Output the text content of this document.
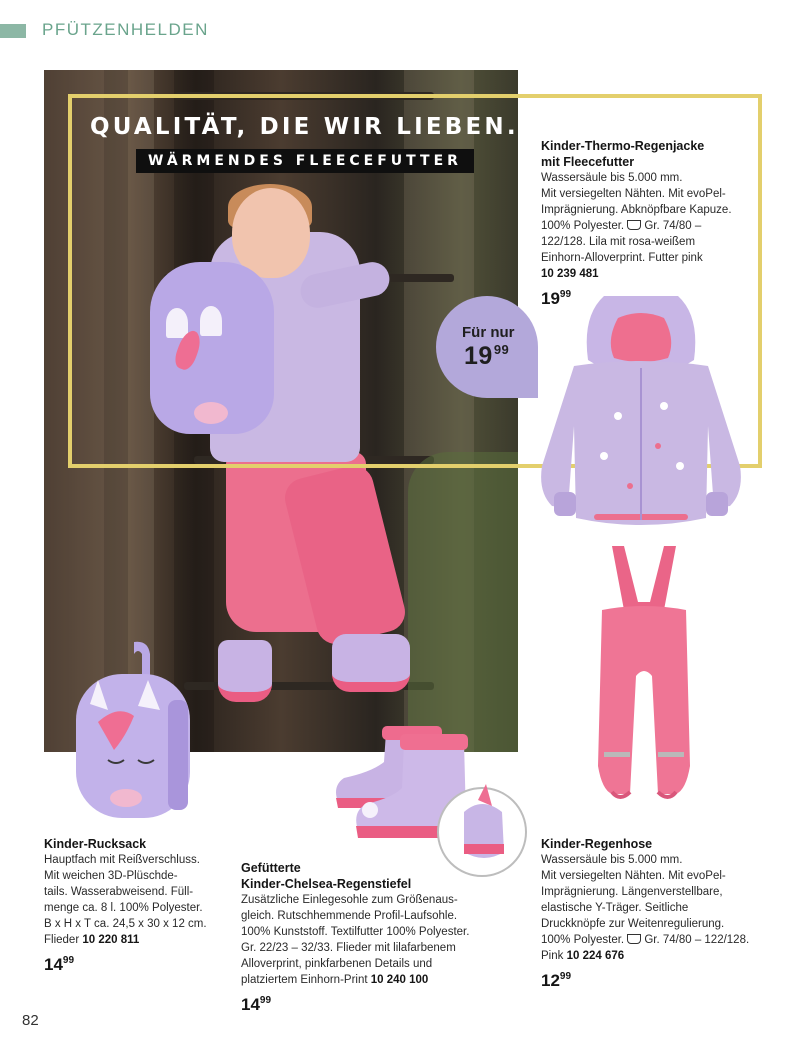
PFÜTZENHELDEN
QUALITÄT, DIE WIR LIEBEN.
WÄRMENDES FLEECEFUTTER
Für nur
$19^{99}$
Kinder-Thermo-Regenjacke
mit Fleecefutter
Wassersäule bis 5.000 mm.
Mit versiegelten Nähten. Mit evoPel-
Imprägnierung. Abknöpfbare Kapuze.
100% Polyester. Gr. 74/80 –
122/128. Lila mit rosa-weißem
Einhorn-Alloverprint. Futter pink
10 239 481
$19^{99}$
Kinder-Rucksack
Hauptfach mit Reißverschluss.
Mit weichen 3D-Plüschde-
tails. Wasserabweisend. Füll-
menge ca. 8 l. 100% Polyester.
B x H x T ca. 24,5 x 30 x 12 cm.
Flieder 10 220 811
$14^{99}$
Gefütterte
Kinder-Chelsea-Regenstiefel
Zusätzliche Einlegesohle zum Größenaus-
gleich. Rutschhemmende Profil-Laufsohle.
100% Kunststoff. Textilfutter 100% Polyester.
Gr. 22/23 – 32/33. Flieder mit lilafarbenem
Alloverprint, pinkfarbenen Details und
platziertem Einhorn-Print 10 240 100
$14^{99}$
Kinder-Regenhose
Wassersäule bis 5.000 mm.
Mit versiegelten Nähten. Mit evoPel-
Imprägnierung. Längenverstellbare,
elastische Y-Träger. Seitliche
Druckknöpfe zur Weitenregulierung.
100% Polyester. Gr. 74/80 – 122/128.
Pink 10 224 676
$12^{99}$
82
